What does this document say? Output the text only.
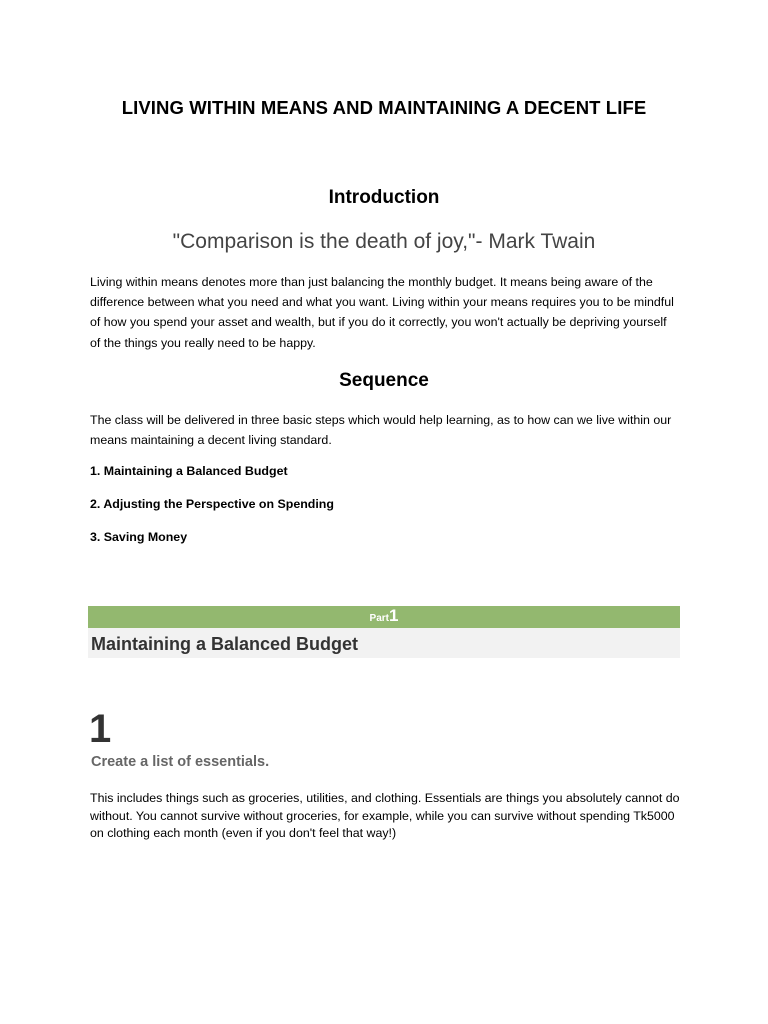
LIVING WITHIN MEANS AND MAINTAINING A DECENT LIFE
Introduction
"Comparison is the death of joy,"- Mark Twain
Living within means denotes more than just balancing the monthly budget. It means being aware of the difference between what you need and what you want. Living within your means requires you to be mindful of how you spend your asset and wealth, but if you do it correctly, you won't actually be depriving yourself of the things you really need to be happy.
Sequence
The class will be delivered in three basic steps which would help learning, as to how can we live within our means maintaining a decent living standard.
1. Maintaining a Balanced Budget
2. Adjusting the Perspective on Spending
3. Saving Money
Part1
Maintaining a Balanced Budget
1
Create a list of essentials.
This includes things such as groceries, utilities, and clothing. Essentials are things you absolutely cannot do without. You cannot survive without groceries, for example, while you can survive without spending Tk5000 on clothing each month (even if you don't feel that way!)
